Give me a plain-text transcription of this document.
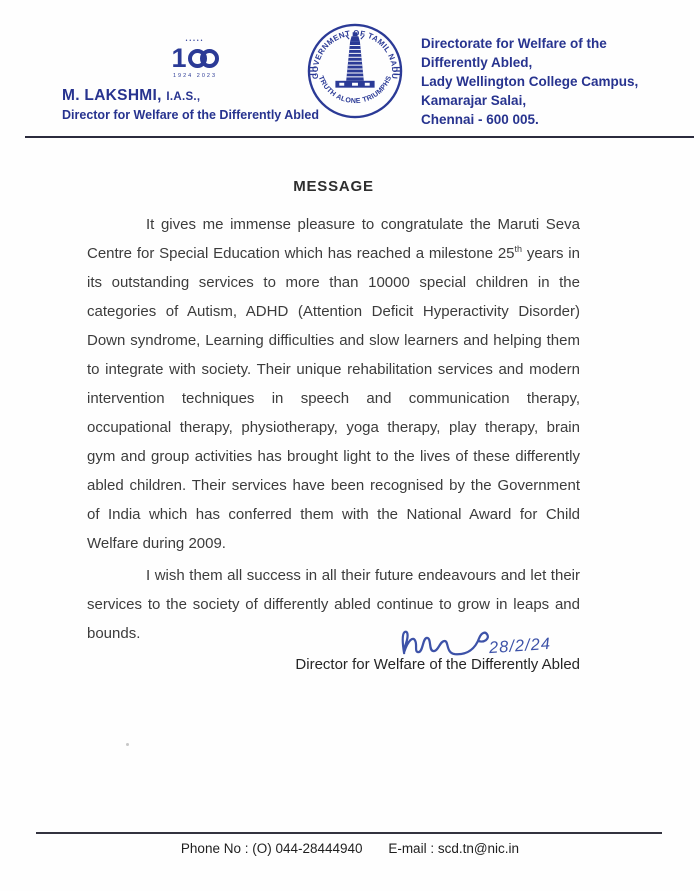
•••••
1
1924 2023
M. LAKSHMI, I.A.S.,
Director for Welfare of the Differently Abled
GOVERNMENT OF TAMIL NADU
TRUTH ALONE TRIUMPHS
Directorate for Welfare of the
Differently Abled,
Lady Wellington College Campus,
Kamarajar Salai,
Chennai - 600 005.
MESSAGE

It gives me immense pleasure to congratulate the Maruti Seva Centre for Special Education which has reached a milestone 25th years in its outstanding services to more than 10000 special children in the categories of Autism, ADHD (Attention Deficit Hyperactivity Disorder) Down syndrome, Learning difficulties and slow learners and helping them to integrate with society. Their unique rehabilitation services and modern intervention techniques in speech and communication therapy, occupational therapy, physiotherapy, yoga therapy, play therapy, brain gym and group activities has brought light to the lives of these differently abled children. Their services have been recognised by the Government of India which has conferred them with the National Award for Child Welfare during 2009.

I wish them all success in all their future endeavours and let their services to the society of differently abled continue to grow in leaps and bounds.

28/2/24
Director for Welfare of the Differently Abled
Phone No : (O) 044-28444940 E-mail : scd.tn@nic.in
